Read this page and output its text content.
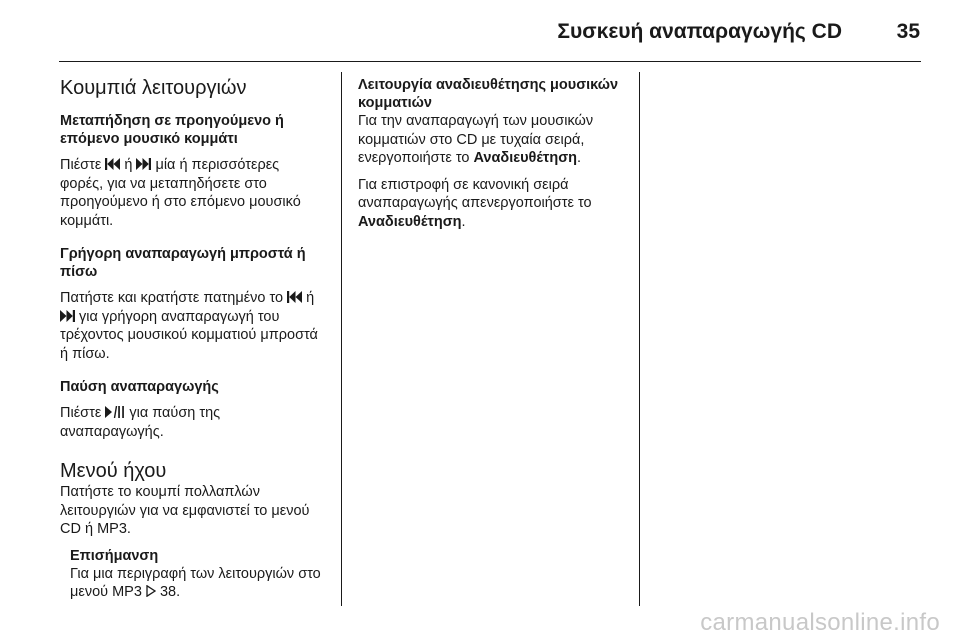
Συσκευή αναπαραγωγής CD	35
Κουμπιά λειτουργιών
Μεταπήδηση σε προηγούμενο ή επόμενο μουσικό κομμάτι

Πιέστε
ή
μία ή περισσότερες φορές, για να μεταπηδήσετε στο προηγούμενο ή στο επόμενο μουσικό κομμάτι.

Γρήγορη αναπαραγωγή μπροστά ή πίσω

Πατήστε και κρατήστε πατημένο το
ή
για γρήγορη αναπαραγωγή του τρέχοντος μουσικού κομματιού μπροστά ή πίσω.

Παύση αναπαραγωγής

Πιέστε
για παύση της αναπαραγωγής.

Μενού ήχου

Πατήστε το κουμπί πολλαπλών λειτουργιών για να εμφανιστεί το μενού CD ή MP3.

Επισήμανση

Για μια περιγραφή των λειτουργιών στο μενού MP3
38.

Λειτουργία αναδιευθέτησης μουσικών κομματιών

Για την αναπαραγωγή των μουσικών κομματιών στο CD με τυχαία σειρά, ενεργοποιήστε το Αναδιευθέτηση.

Για επιστροφή σε κανονική σειρά αναπαραγωγής απενεργοποιήστε το Αναδιευθέτηση.

carmanualsonline.info
